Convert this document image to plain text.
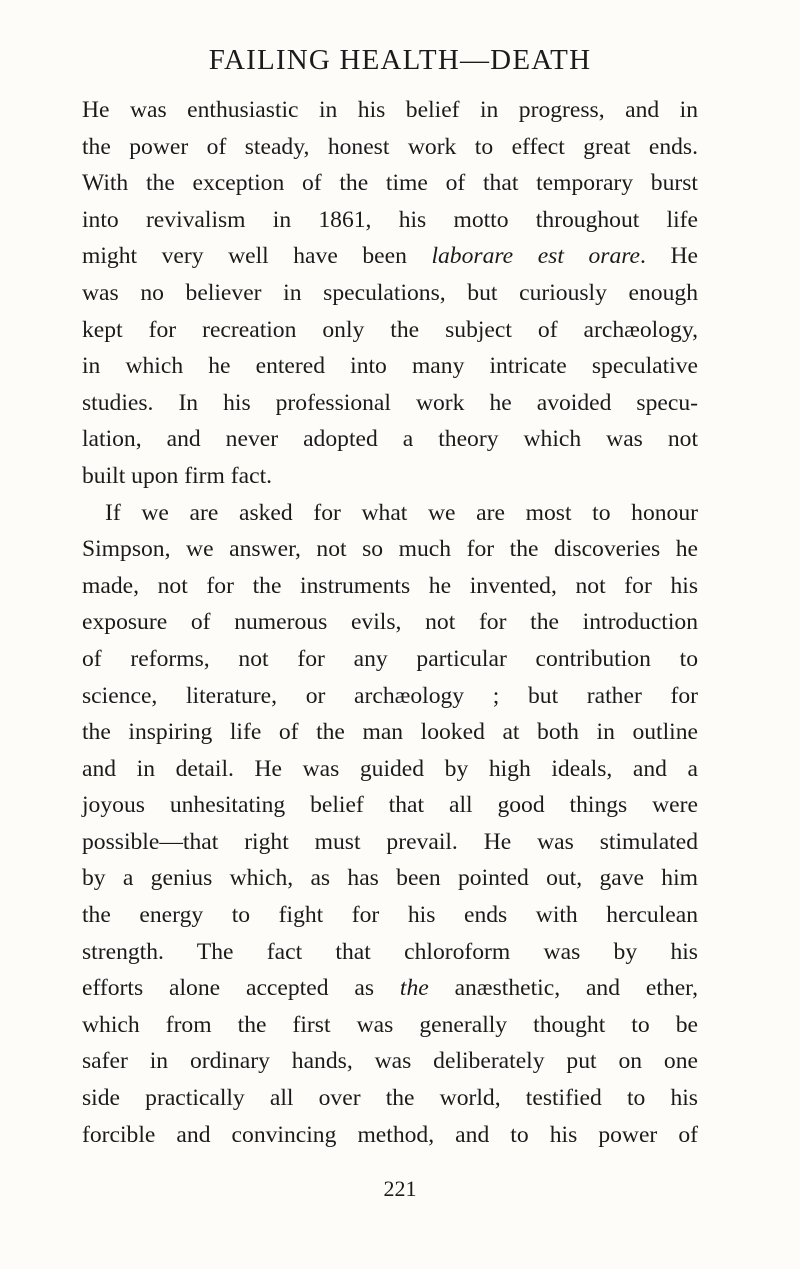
FAILING HEALTH—DEATH
He was enthusiastic in his belief in progress, and in
the power of steady, honest work to effect great ends.
With the exception of the time of that temporary burst
into revivalism in 1861, his motto throughout life
might very well have been laborare est orare. He
was no believer in speculations, but curiously enough
kept for recreation only the subject of archæology,
in which he entered into many intricate speculative
studies. In his professional work he avoided specu-
lation, and never adopted a theory which was not
built upon firm fact.
If we are asked for what we are most to honour
Simpson, we answer, not so much for the discoveries he
made, not for the instruments he invented, not for his
exposure of numerous evils, not for the introduction
of reforms, not for any particular contribution to
science, literature, or archæology ; but rather for
the inspiring life of the man looked at both in outline
and in detail. He was guided by high ideals, and a
joyous unhesitating belief that all good things were
possible—that right must prevail. He was stimulated
by a genius which, as has been pointed out, gave him
the energy to fight for his ends with herculean
strength. The fact that chloroform was by his
efforts alone accepted as the anæsthetic, and ether,
which from the first was generally thought to be
safer in ordinary hands, was deliberately put on one
side practically all over the world, testified to his
forcible and convincing method, and to his power of
221
